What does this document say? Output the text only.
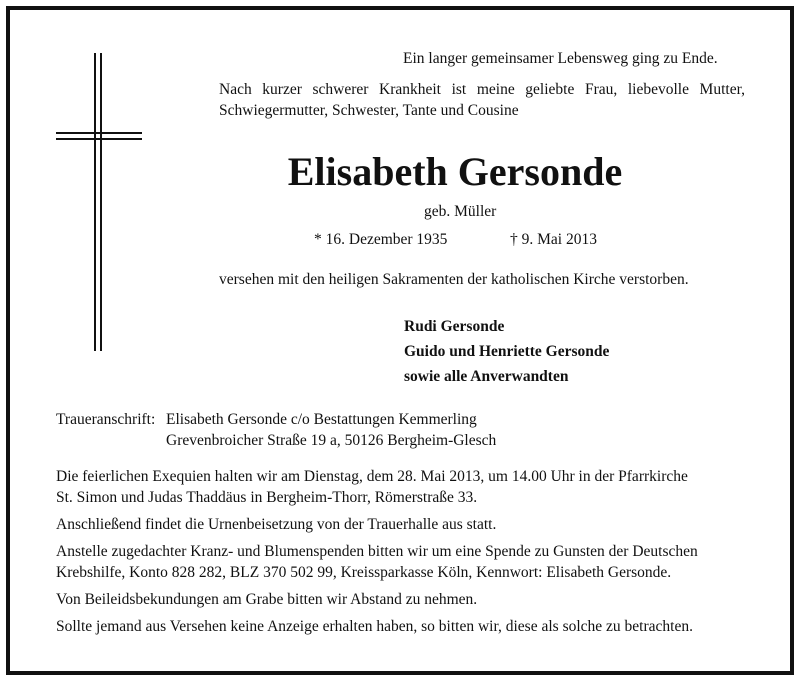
Ein langer gemeinsamer Lebensweg ging zu Ende.
Nach kurzer schwerer Krankheit ist meine geliebte Frau, liebevolle Mutter,
Schwiegermutter, Schwester, Tante und Cousine
Elisabeth Gersonde
geb. Müller
* 16. Dezember 1935	† 9. Mai 2013
versehen mit den heiligen Sakramenten der katholischen Kirche verstorben.
Rudi Gersonde
Guido und Henriette Gersonde
sowie alle Anverwandten
Traueranschrift: Elisabeth Gersonde c/o Bestattungen Kemmerling
Grevenbroicher Straße 19 a, 50126 Bergheim-Glesch
Die feierlichen Exequien halten wir am Dienstag, dem 28. Mai 2013, um 14.00 Uhr in der Pfarrkirche
St. Simon und Judas Thaddäus in Bergheim-Thorr, Römerstraße 33.
Anschließend findet die Urnenbeisetzung von der Trauerhalle aus statt.
Anstelle zugedachter Kranz- und Blumenspenden bitten wir um eine Spende zu Gunsten der Deutschen
Krebshilfe, Konto 828 282, BLZ 370 502 99, Kreissparkasse Köln, Kennwort: Elisabeth Gersonde.
Von Beileidsbekundungen am Grabe bitten wir Abstand zu nehmen.
Sollte jemand aus Versehen keine Anzeige erhalten haben, so bitten wir, diese als solche zu betrachten.
